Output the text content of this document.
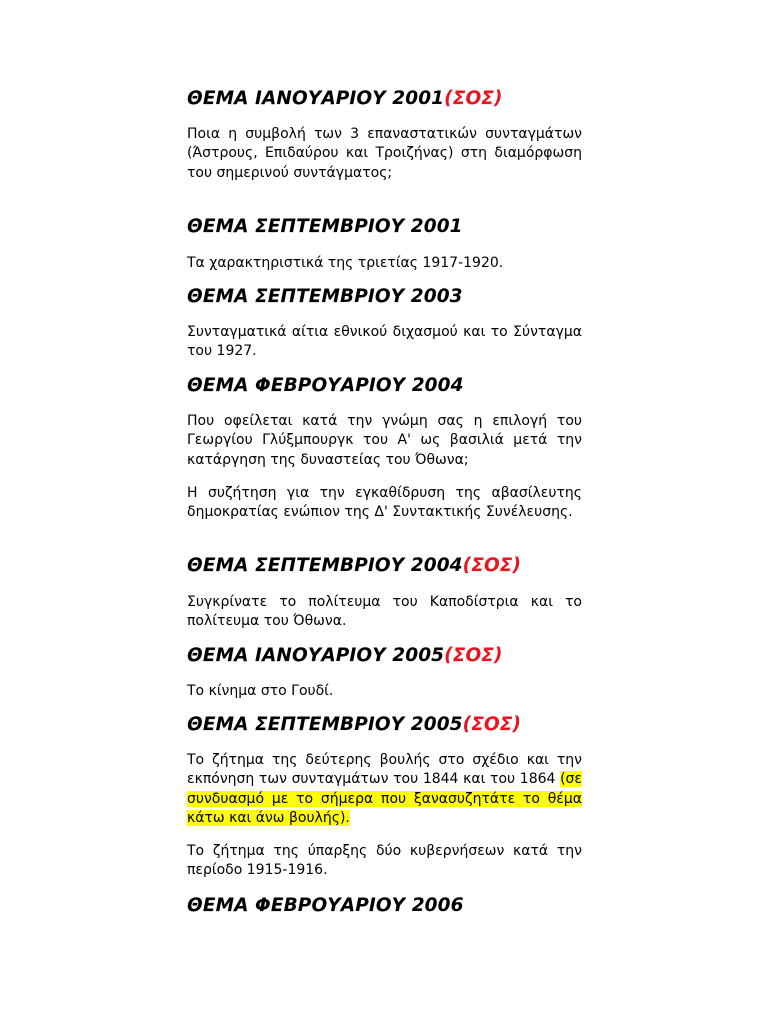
ΘΕΜΑ ΙΑΝΟΥΑΡΙΟΥ 2001(ΣΟΣ)
Ποια η συμβολή των 3 επαναστατικών συνταγμάτων (Άστρους, Επιδαύρου και Τροιζήνας) στη διαμόρφωση του σημερινού συντάγματος;
ΘΕΜΑ ΣΕΠΤΕΜΒΡΙΟΥ 2001
Τα χαρακτηριστικά της τριετίας 1917-1920.
ΘΕΜΑ ΣΕΠΤΕΜΒΡΙΟΥ 2003
Συνταγματικά αίτια εθνικού διχασμού και το Σύνταγμα του 1927.
ΘΕΜΑ ΦΕΒΡΟΥΑΡΙΟΥ 2004
Που οφείλεται κατά την γνώμη σας η επιλογή του Γεωργίου Γλύξμπουργκ του Α' ως βασιλιά μετά την κατάργηση της δυναστείας του Όθωνα;
Η συζήτηση για την εγκαθίδρυση της αβασίλευτης δημοκρατίας ενώπιον της Δ' Συντακτικής Συνέλευσης.
ΘΕΜΑ ΣΕΠΤΕΜΒΡΙΟΥ 2004(ΣΟΣ)
Συγκρίνατε το πολίτευμα του Καποδίστρια και το πολίτευμα του Όθωνα.
ΘΕΜΑ ΙΑΝΟΥΑΡΙΟΥ 2005(ΣΟΣ)
Το κίνημα στο Γουδί.
ΘΕΜΑ ΣΕΠΤΕΜΒΡΙΟΥ 2005(ΣΟΣ)
Το ζήτημα της δεύτερης βουλής στο σχέδιο και την εκπόνηση των συνταγμάτων του 1844 και του 1864 (σε συνδυασμό με το σήμερα που ξανασυζητάτε το θέμα κάτω και άνω βουλής).
Το ζήτημα της ύπαρξης δύο κυβερνήσεων κατά την περίοδο 1915-1916.
ΘΕΜΑ ΦΕΒΡΟΥΑΡΙΟΥ 2006
